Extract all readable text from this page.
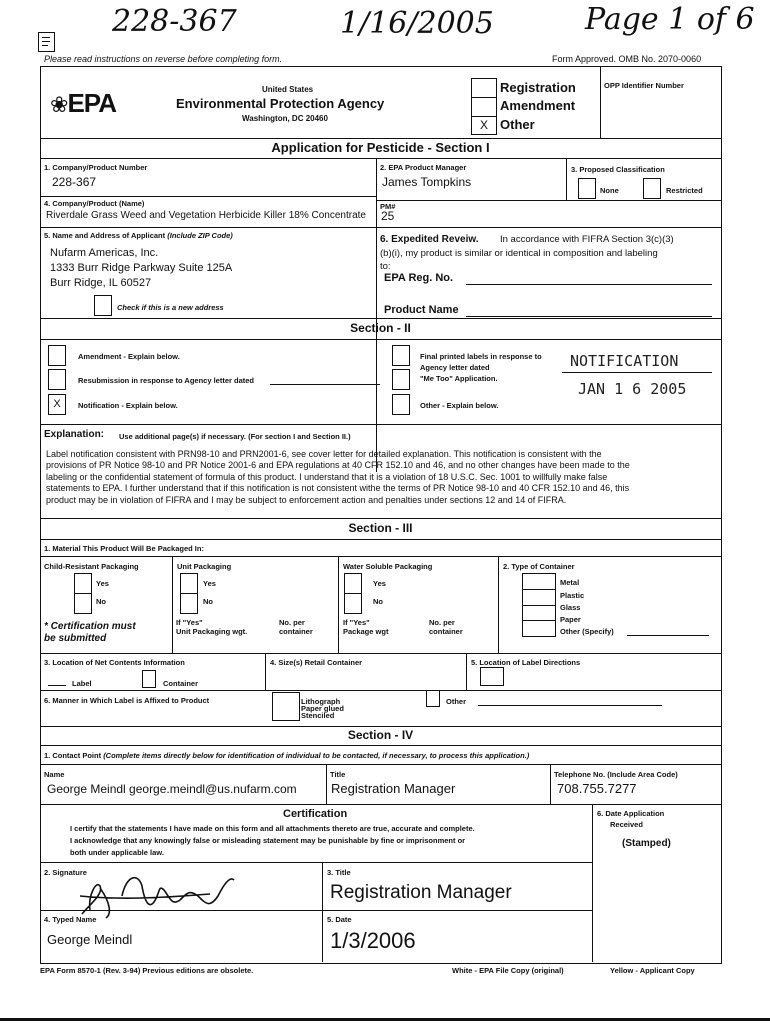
228-367	1/16/2005	Page 1 of 6
Please read instructions on reverse before completing form.	Form Approved. OMB No. 2070-0060
❀EPA	United States
Environmental Protection Agency
Washington, DC 20460	X
Registration
Amendment
Other
OPP Identifier Number
Application for Pesticide - Section I
1. Company/Product Number
228-367
2. EPA Product Manager
James Tompkins
3. Proposed Classification
None	Restricted
4. Company/Product (Name)
Riverdale Grass Weed and Vegetation Herbicide Killer 18% Concentrate
PM#
25
5. Name and Address of Applicant (Include ZIP Code)
Nufarm Americas, Inc.
1333 Burr Ridge Parkway Suite 125A
Burr Ridge, IL 60527
Check if this is a new address
6. Expedited Reveiw. In accordance with FIFRA Section 3(c)(3)
(b)(i), my product is similar or identical in composition and labeling
to:
EPA Reg. No.
Product Name
Section - II
Amendment - Explain below.
Resubmission in response to Agency letter dated
X	Notification - Explain below.
Final printed labels in response to
Agency letter dated
"Me Too" Application.
Other - Explain below.
NOTIFICATION
JAN 1 6 2005
Explanation: Use additional page(s) if necessary. (For section I and Section II.)
Label notification consistent with PRN98-10 and PRN2001-6, see cover letter for detailed explanation. This notification is consistent with the
provisions of PR Notice 98-10 and PR Notice 2001-6 and EPA regulations at 40 CFR 152.10 and 46, and no other changes have been made to the
labeling or the confidential statement of formula of this product. I understand that it is a violation of 18 U.S.C. Sec. 1001 to willfully make false
statements to EPA. I further understand that if this notification is not consistent withe the terms of PR Notice 98-10 and 40 CFR 152.10 and 46, this
product may be in violation of FIFRA and I may be subject to enforcement action and penalties under sections 12 and 14 of FIFRA.
Section - III
1. Material This Product Will Be Packaged In:
Child-Resistant Packaging	Unit Packaging	Water Soluble Packaging	2. Type of Container
Yes
No
* Certification must
be submitted
Yes
No
If "Yes"
Unit Packaging wgt.
No. per
container
Yes
No
If "Yes"
Package wgt
No. per
container
Metal
Plastic
Glass
Paper
Other (Specify)
3. Location of Net Contents Information
Label	Container
4. Size(s) Retail Container	5. Location of Label Directions
6. Manner in Which Label is Affixed to Product	Lithograph
Paper glued
Stenciled
Other
Section - IV
1. Contact Point (Complete items directly below for identification of individual to be contacted, if necessary, to process this application.)
Name
George Meindl george.meindl@us.nufarm.com
Title
Registration Manager
Telephone No. (Include Area Code)
708.755.7277
Certification
I certify that the statements I have made on this form and all attachments thereto are true, accurate and complete.
I acknowledge that any knowingly false or misleading statement may be punishable by fine or imprisonment or
both under applicable law.
6. Date Application
Received
(Stamped)
2. Signature	3. Title
Registration Manager
4. Typed Name
George Meindl
5. Date
1/3/2006
EPA Form 8570-1 (Rev. 3-94) Previous editions are obsolete.	White - EPA File Copy (original)	Yellow - Applicant Copy
